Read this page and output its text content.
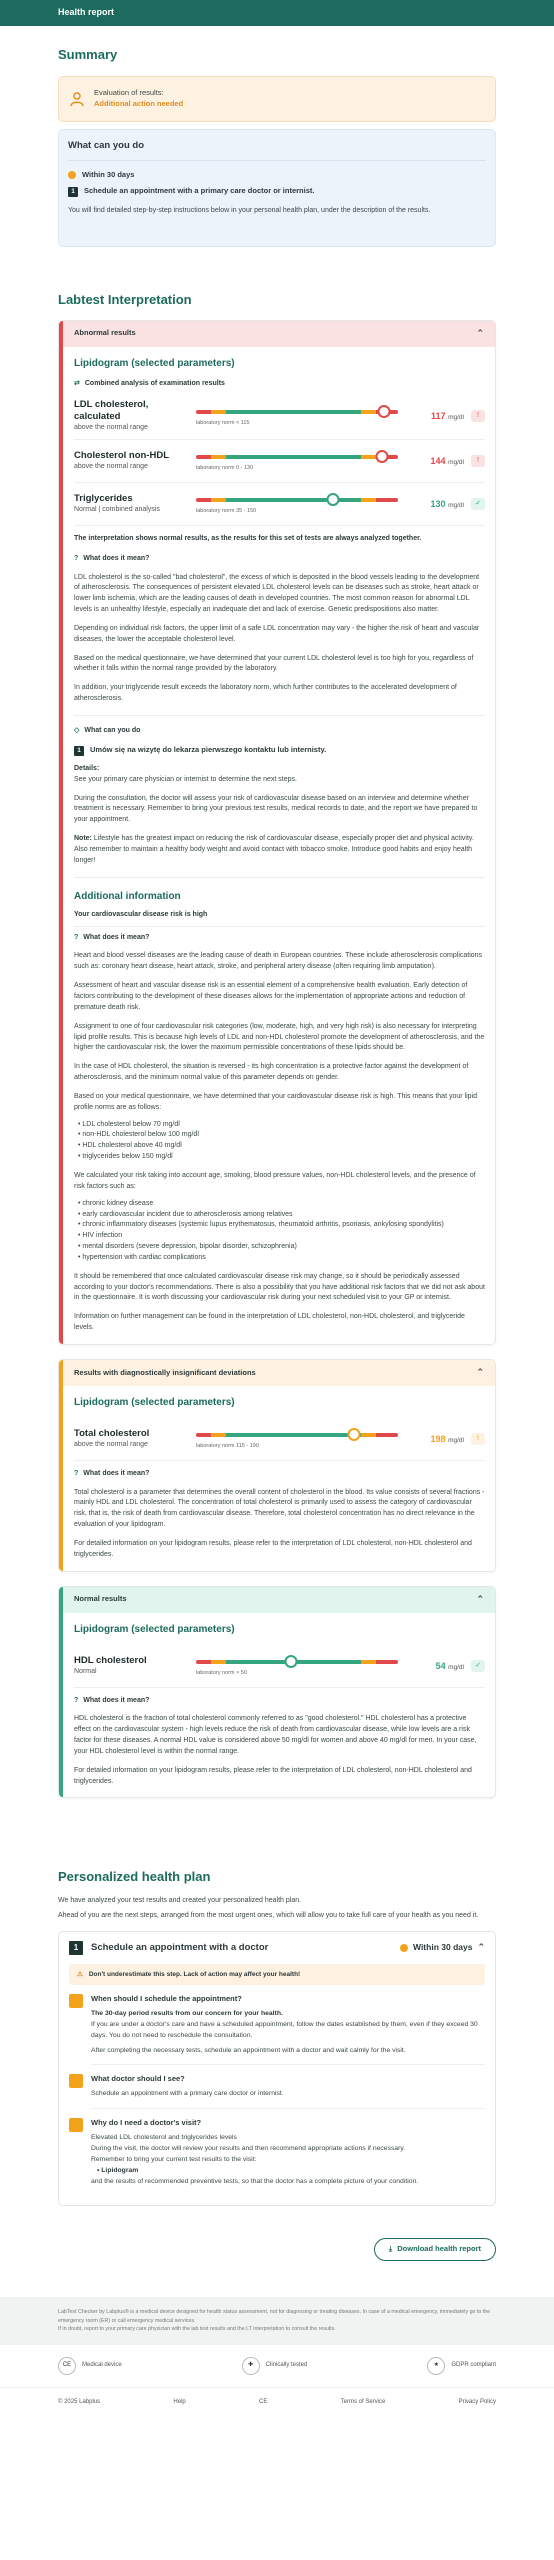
Health report
Summary
Evaluation of results:
Additional action needed
What can you do
Within 30 days
1	Schedule an appointment with a primary care doctor or internist.

You will find detailed step-by-step instructions below in your personal health plan, under the description of the results.

Labtest Interpretation
Abnormal results	⌃
Lipidogram (selected parameters)
⇄ Combined analysis of examination results
LDL cholesterol, calculated
above the normal range
laboratory norm < 115
117 mg/dl	!
Cholesterol non-HDL
above the normal range	laboratory norm 0 - 130
144 mg/dl	!
Triglycerides
Normal | combined analysis	laboratory norm 35 - 150
130 mg/dl	✓
The interpretation shows normal results, as the results for this set of tests are always analyzed together.
? What does it mean?

LDL cholesterol is the so-called "bad cholesterol", the excess of which is deposited in the blood vessels leading to the development of atherosclerosis. The consequences of persistent elevated LDL cholesterol levels can be diseases such as stroke, heart attack or lower limb ischemia, which are the leading causes of death in developed countries. The most common reason for abnormal LDL levels is an unhealthy lifestyle, especially an inadequate diet and lack of exercise. Genetic predispositions also matter.

Depending on individual risk factors, the upper limit of a safe LDL concentration may vary - the higher the risk of heart and vascular diseases, the lower the acceptable cholesterol level.

Based on the medical questionnaire, we have determined that your current LDL cholesterol level is too high for you, regardless of whether it falls within the normal range provided by the laboratory.

In addition, your triglyceride result exceeds the laboratory norm, which further contributes to the accelerated development of atherosclerosis.

◇ What can you do
1	Umów się na wizytę do lekarza pierwszego kontaktu lub internisty.

Details:
See your primary care physician or internist to determine the next steps.

During the consultation, the doctor will assess your risk of cardiovascular disease based on an interview and determine whether treatment is necessary. Remember to bring your previous test results, medical records to date, and the report we have prepared to your appointment.

Note: Lifestyle has the greatest impact on reducing the risk of cardiovascular disease, especially proper diet and physical activity. Also remember to maintain a healthy body weight and avoid contact with tobacco smoke. Introduce good habits and enjoy health longer!

Additional information
Your cardiovascular disease risk is high
? What does it mean?

Heart and blood vessel diseases are the leading cause of death in European countries. These include atherosclerosis complications such as: coronary heart disease, heart attack, stroke, and peripheral artery disease (often requiring limb amputation).

Assessment of heart and vascular disease risk is an essential element of a comprehensive health evaluation. Early detection of factors contributing to the development of these diseases allows for the implementation of appropriate actions and reduction of premature death risk.

Assignment to one of four cardiovascular risk categories (low, moderate, high, and very high risk) is also necessary for interpreting lipid profile results. This is because high levels of LDL and non-HDL cholesterol promote the development of atherosclerosis, and the higher the cardiovascular risk, the lower the maximum permissible concentrations of these lipids should be.

In the case of HDL cholesterol, the situation is reversed - its high concentration is a protective factor against the development of atherosclerosis, and the minimum normal value of this parameter depends on gender.

Based on your medical questionnaire, we have determined that your cardiovascular disease risk is high. This means that your lipid profile norms are as follows:

• LDL cholesterol below 70 mg/dl
• non-HDL cholesterol below 100 mg/dl
• HDL cholesterol above 40 mg/dl
• triglycerides below 150 mg/dl

We calculated your risk taking into account age, smoking, blood pressure values, non-HDL cholesterol levels, and the presence of risk factors such as:

• chronic kidney disease
• early cardiovascular incident due to atherosclerosis among relatives
• chronic inflammatory diseases (systemic lupus erythematosus, rheumatoid arthritis, psoriasis, ankylosing spondylitis)
• HIV infection
• mental disorders (severe depression, bipolar disorder, schizophrenia)
• hypertension with cardiac complications

It should be remembered that once calculated cardiovascular disease risk may change, so it should be periodically assessed according to your doctor's recommendations. There is also a possibility that you have additional risk factors that we did not ask about in the questionnaire. It is worth discussing your cardiovascular risk during your next scheduled visit to your GP or internist.

Information on further management can be found in the interpretation of LDL cholesterol, non-HDL cholesterol, and triglyceride levels.

Results with diagnostically insignificant deviations	⌃
Lipidogram (selected parameters)
Total cholesterol
above the normal range	laboratory norm 115 - 190
198 mg/dl	!
? What does it mean?

Total cholesterol is a parameter that determines the overall content of cholesterol in the blood. Its value consists of several fractions - mainly HDL and LDL cholesterol. The concentration of total cholesterol is primarily used to assess the category of cardiovascular risk, that is, the risk of death from cardiovascular disease. Therefore, total cholesterol concentration has no direct relevance in the evaluation of your lipidogram.

For detailed information on your lipidogram results, please refer to the interpretation of LDL cholesterol, non-HDL cholesterol and triglycerides.

Normal results	⌃
Lipidogram (selected parameters)
HDL cholesterol
Normal	laboratory norm > 50
54 mg/dl	✓
? What does it mean?

HDL cholesterol is the fraction of total cholesterol commonly referred to as "good cholesterol." HDL cholesterol has a protective effect on the cardiovascular system - high levels reduce the risk of death from cardiovascular disease, while low levels are a risk factor for these diseases. A normal HDL value is considered above 50 mg/dl for women and above 40 mg/dl for men. In your case, your HDL cholesterol level is within the normal range.

For detailed information on your lipidogram results, please refer to the interpretation of LDL cholesterol, non-HDL cholesterol and triglycerides.

Personalized health plan

We have analyzed your test results and created your personalized health plan.

Ahead of you are the next steps, arranged from the most urgent ones, which will allow you to take full care of your health as you need it.

1	Schedule an appointment with a doctor	Within 30 days ⌃
⚠ Don't underestimate this step. Lack of action may affect your health!
When should I schedule the appointment?
The 30-day period results from our concern for your health.
If you are under a doctor's care and have a scheduled appointment, follow the dates established by them, even if they exceed 30 days. You do not need to reschedule the consultation.
After completing the necessary tests, schedule an appointment with a doctor and wait calmly for the visit.
What doctor should I see?
Schedule an appointment with a primary care doctor or internist.
Why do I need a doctor's visit?
Elevated LDL cholesterol and triglycerides levels
During the visit, the doctor will review your results and then recommend appropriate actions if necessary.
Remember to bring your current test results to the visit:
• Lipidogram
and the results of recommended preventive tests, so that the doctor has a complete picture of your condition.
⤓ Download health report
LabTest Checker by Labplus® is a medical device designed for health status assessment, not for diagnosing or treating diseases. In case of a medical emergency, immediately go to the emergency room (ER) or call emergency medical services.
If in doubt, report to your primary care physician with the lab test results and the LT interpretation to consult the results.
CE	Medical device	✚	Clinically tested	★	GDPR compliant
© 2025 Labplus	Help	CE	Terms of Service	Privacy Policy
